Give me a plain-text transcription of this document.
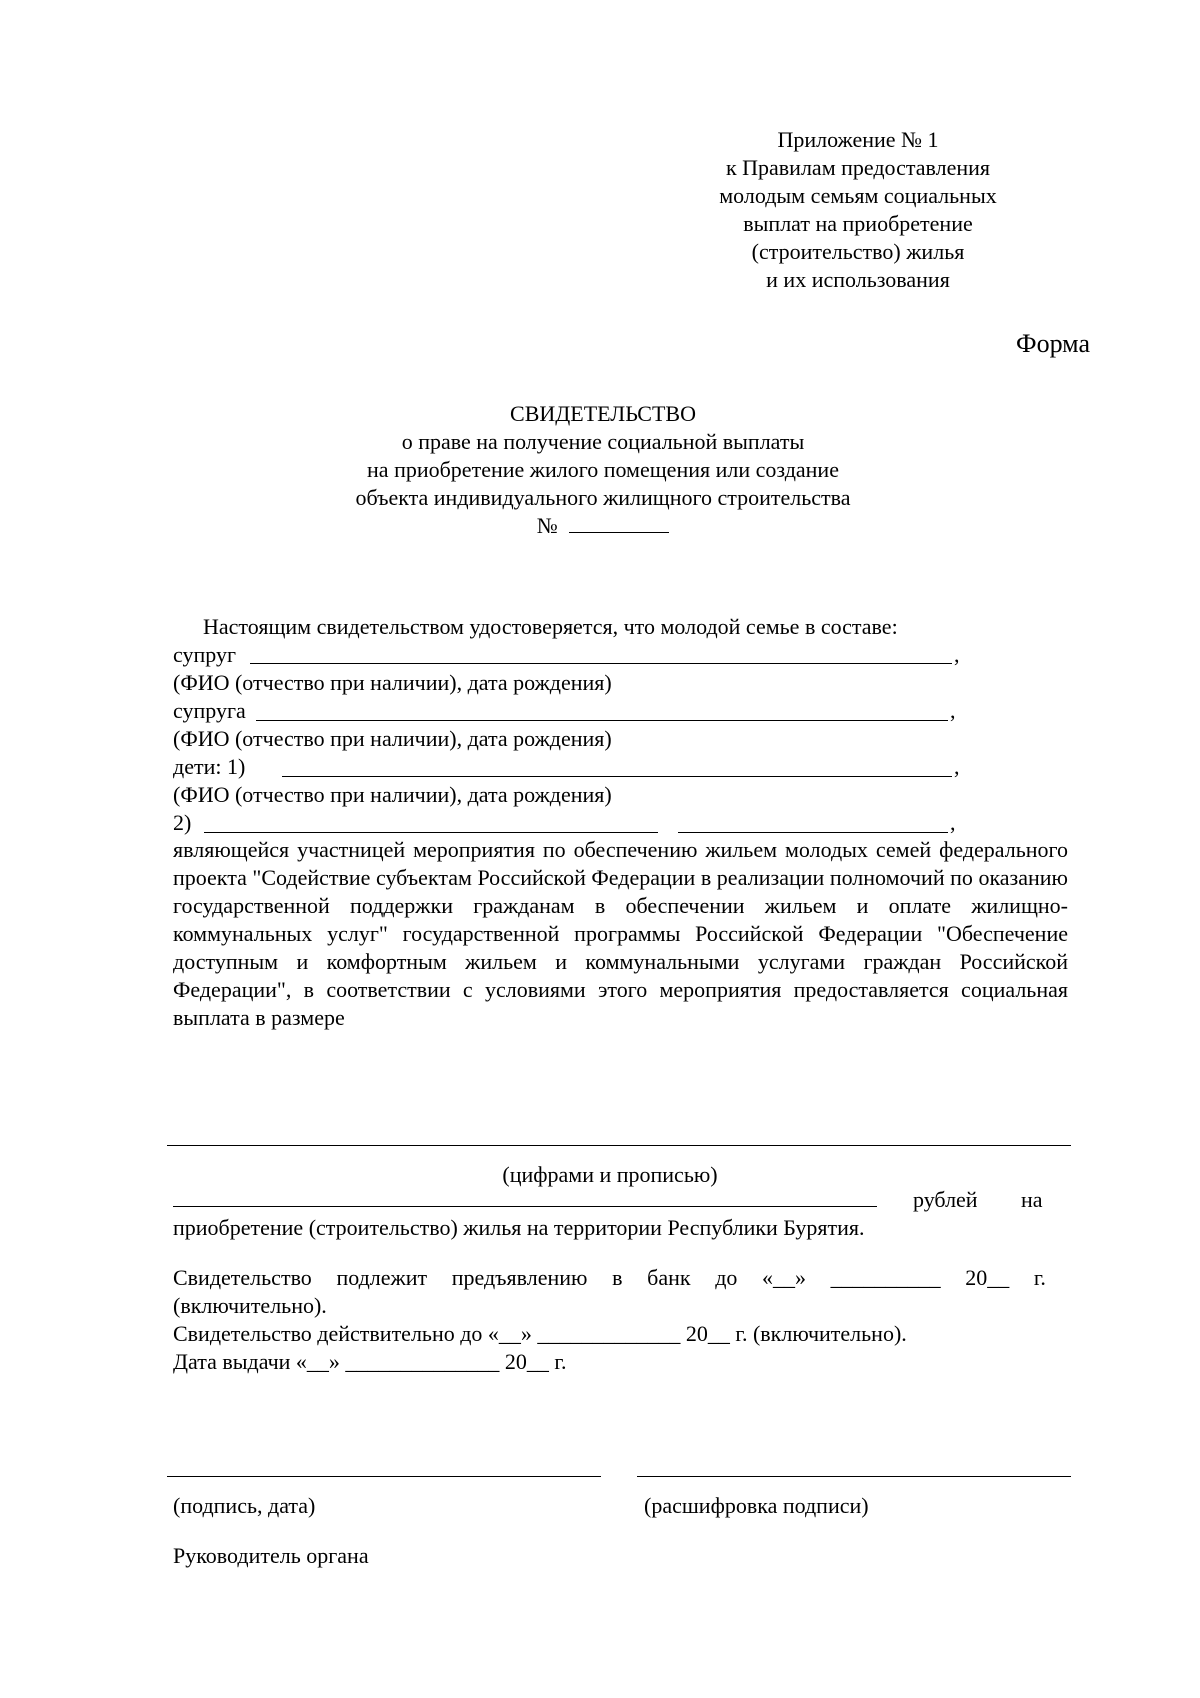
Приложение № 1
к Правилам предоставления
молодым семьям социальных
выплат на приобретение
(строительство) жилья
и их использования
Форма
СВИДЕТЕЛЬСТВО
о праве на получение социальной выплаты
на приобретение жилого помещения или создание
объекта индивидуального жилищного строительства
№
Настоящим свидетельством удостоверяется, что молодой семье в составе:
супруг	,
(ФИО (отчество при наличии), дата рождения)
супруга	,
(ФИО (отчество при наличии), дата рождения)
дети: 1)	,
(ФИО (отчество при наличии), дата рождения)
2)	,
являющейся участницей мероприятия по обеспечению жильем молодых семей федерального проекта "Содействие субъектам Российской Федерации в реализации полномочий по оказанию государственной поддержки гражданам в обеспечении жильем и оплате жилищно-коммунальных услуг" государственной программы Российской Федерации "Обеспечение доступным и комфортным жильем и коммунальными услугами граждан Российской Федерации", в соответствии с условиями этого мероприятия предоставляется социальная выплата в размере
(цифрами и прописью)
рублей на
приобретение (строительство) жилья на территории Республики Бурятия.
Свидетельство подлежит предъявлению в банк до «__» __________ 20__ г.
(включительно).
Свидетельство действительно до «__» _____________ 20__ г. (включительно).
Дата выдачи «__» ______________ 20__ г.
(подпись, дата)	(расшифровка подписи)
Руководитель органа
